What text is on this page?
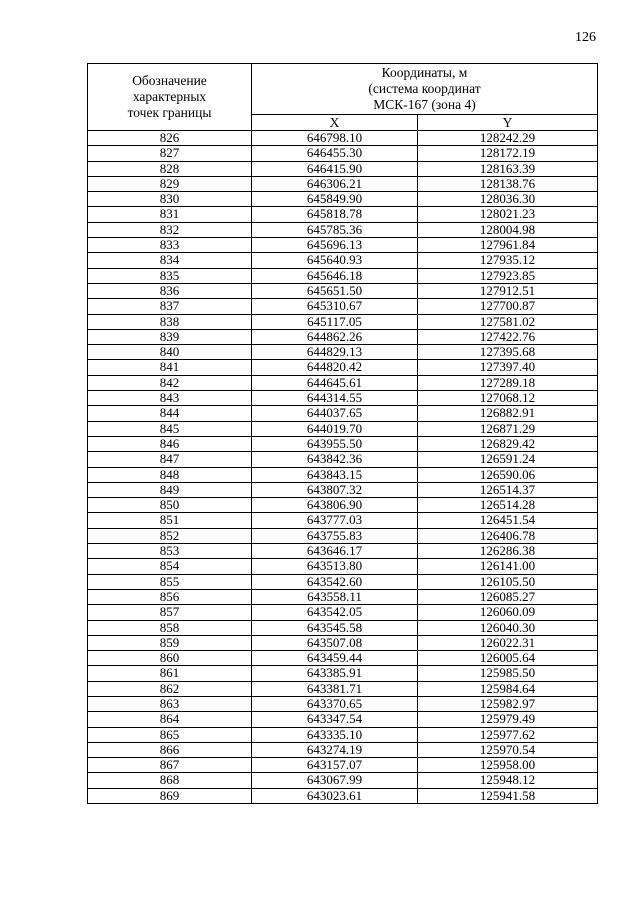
126
Обозначение
характерных
точек границы	Координаты, м
(система координат
МСК-167 (зона 4)	

	X	Y
826	646798.10	128242.29
827	646455.30	128172.19
828	646415.90	128163.39
829	646306.21	128138.76
830	645849.90	128036.30
831	645818.78	128021.23
832	645785.36	128004.98
833	645696.13	127961.84
834	645640.93	127935.12
835	645646.18	127923.85
836	645651.50	127912.51
837	645310.67	127700.87
838	645117.05	127581.02
839	644862.26	127422.76
840	644829.13	127395.68
841	644820.42	127397.40
842	644645.61	127289.18
843	644314.55	127068.12
844	644037.65	126882.91
845	644019.70	126871.29
846	643955.50	126829.42
847	643842.36	126591.24
848	643843.15	126590.06
849	643807.32	126514.37
850	643806.90	126514.28
851	643777.03	126451.54
852	643755.83	126406.78
853	643646.17	126286.38
854	643513.80	126141.00
855	643542.60	126105.50
856	643558.11	126085.27
857	643542.05	126060.09
858	643545.58	126040.30
859	643507.08	126022.31
860	643459.44	126005.64
861	643385.91	125985.50
862	643381.71	125984.64
863	643370.65	125982.97
864	643347.54	125979.49
865	643335.10	125977.62
866	643274.19	125970.54
867	643157.07	125958.00
868	643067.99	125948.12
869	643023.61	125941.58
